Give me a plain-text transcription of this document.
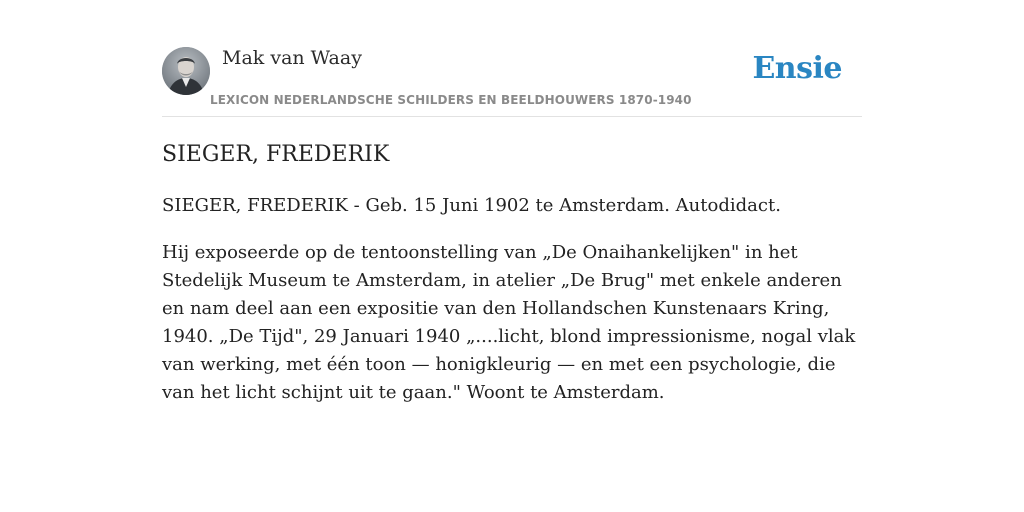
Mak van Waay
LEXICON NEDERLANDSCHE SCHILDERS EN BEELDHOUWERS 1870-1940
Ensie
SIEGER, FREDERIK

SIEGER, FREDERIK - Geb. 15 Juni 1902 te Amsterdam. Autodidact.

Hij exposeerde op de tentoonstelling van „De Onaihankelijken" in het Stedelijk Museum te Amsterdam, in atelier „De Brug" met enkele anderen en nam deel aan een expositie van den Hollandschen Kunstenaars Kring, 1940. „De Tijd", 29 Januari 1940 „....licht, blond impressionisme, nogal vlak van werking, met één toon — honigkleurig — en met een psychologie, die van het licht schijnt uit te gaan." Woont te Amsterdam.
